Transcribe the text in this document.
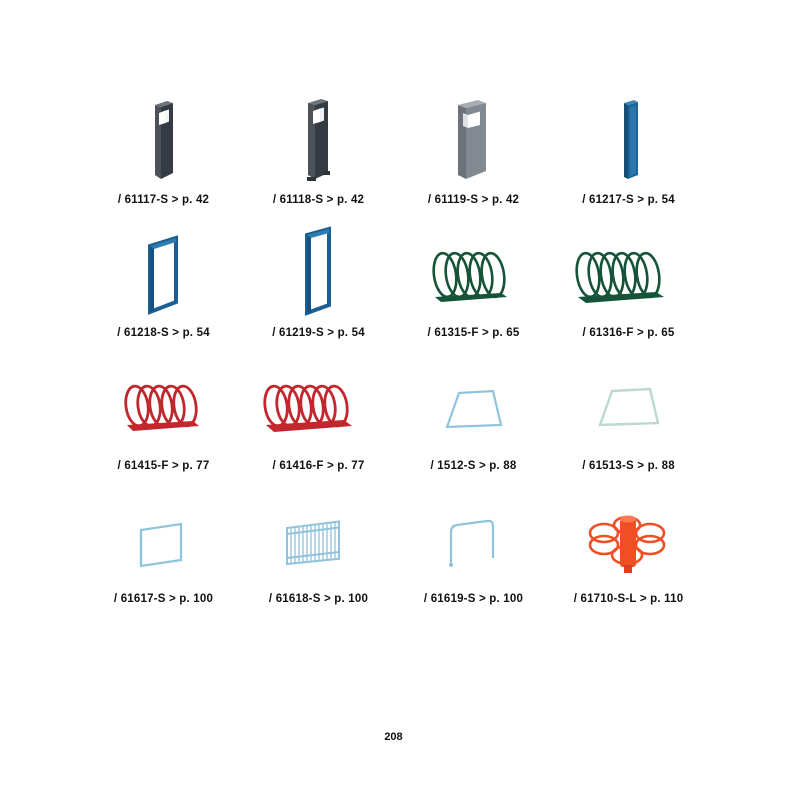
/ 61117-S > p. 42	/ 61118-S > p. 42	/ 61119-S > p. 42	/ 61217-S > p. 54
/ 61218-S > p. 54	/ 61219-S > p. 54	/ 61315-F > p. 65	/ 61316-F > p. 65
/ 61415-F > p. 77	/ 61416-F > p. 77	/ 1512-S > p. 88	/ 61513-S > p. 88
/ 61617-S > p. 100	/ 61618-S > p. 100	/ 61619-S > p. 100	/ 61710-S-L > p. 110
208
